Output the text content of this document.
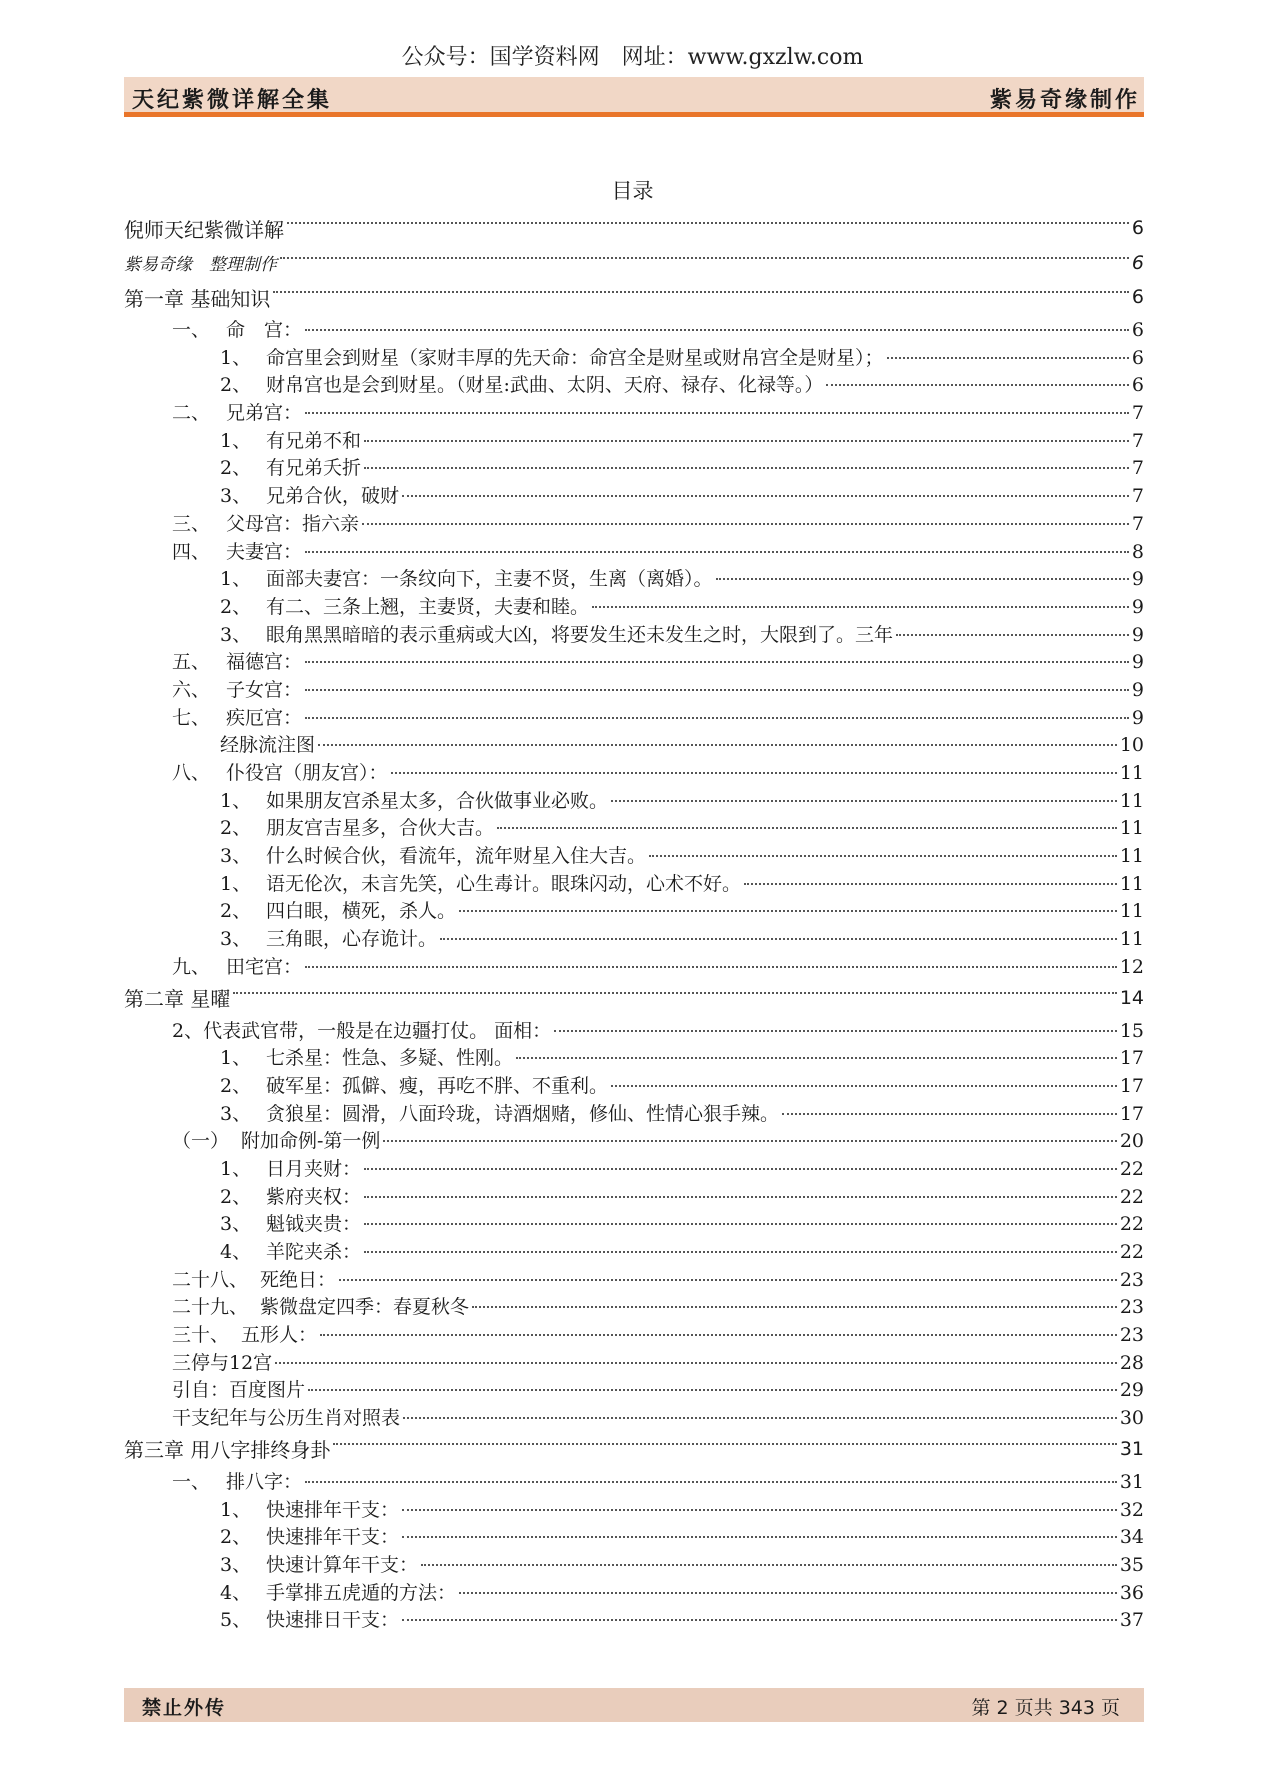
公众号：国学资料网　网址：www.gxzlw.com
天纪紫微详解全集	紫易奇缘制作
目录
倪师天纪紫微详解	6
紫易奇缘　整理制作	6
第一章 基础知识	6
一、 命　宫：	6
1、 命宫里会到财星（家财丰厚的先天命：命宫全是财星或财帛宫全是财星）；	6
2、 财帛宫也是会到财星。（财星:武曲、太阴、天府、禄存、化禄等。）	6
二、 兄弟宫：	7
1、 有兄弟不和	7
2、 有兄弟夭折	7
3、 兄弟合伙，破财	7
三、 父母宫：指六亲	7
四、 夫妻宫：	8
1、 面部夫妻宫：一条纹向下，主妻不贤，生离（离婚）。	9
2、 有二、三条上翘，主妻贤，夫妻和睦。	9
3、 眼角黑黑暗暗的表示重病或大凶，将要发生还未发生之时，大限到了。三年	9
五、 福德宫：	9
六、 子女宫：	9
七、 疾厄宫：	9
经脉流注图	10
八、 仆役宫（朋友宫）：	11
1、 如果朋友宫杀星太多，合伙做事业必败。	11
2、 朋友宫吉星多，合伙大吉。	11
3、 什么时候合伙，看流年，流年财星入住大吉。	11
1、 语无伦次，未言先笑，心生毒计。眼珠闪动，心术不好。	11
2、 四白眼，横死，杀人。	11
3、 三角眼，心存诡计。	11
九、 田宅宫：	12
第二章 星曜	14
2、代表武官带，一般是在边疆打仗。 面相：	15
1、 七杀星：性急、多疑、性刚。	17
2、 破军星：孤僻、瘦，再吃不胖、不重利。	17
3、 贪狼星：圆滑，八面玲珑，诗酒烟赌，修仙、性情心狠手辣。	17
（一） 附加命例-第一例	20
1、 日月夹财：	22
2、 紫府夹权：	22
3、 魁钺夹贵：	22
4、 羊陀夹杀：	22
二十八、 死绝日：	23
二十九、 紫微盘定四季：春夏秋冬	23
三十、 五形人：	23
三停与12宫	28
引自：百度图片	29
干支纪年与公历生肖对照表	30
第三章 用八字排终身卦	31
一、 排八字：	31
1、 快速排年干支：	32
2、 快速排年干支：	34
3、 快速计算年干支：	35
4、 手掌排五虎遁的方法：	36
5、 快速排日干支：	37
禁止外传	第 2 页共 343 页
